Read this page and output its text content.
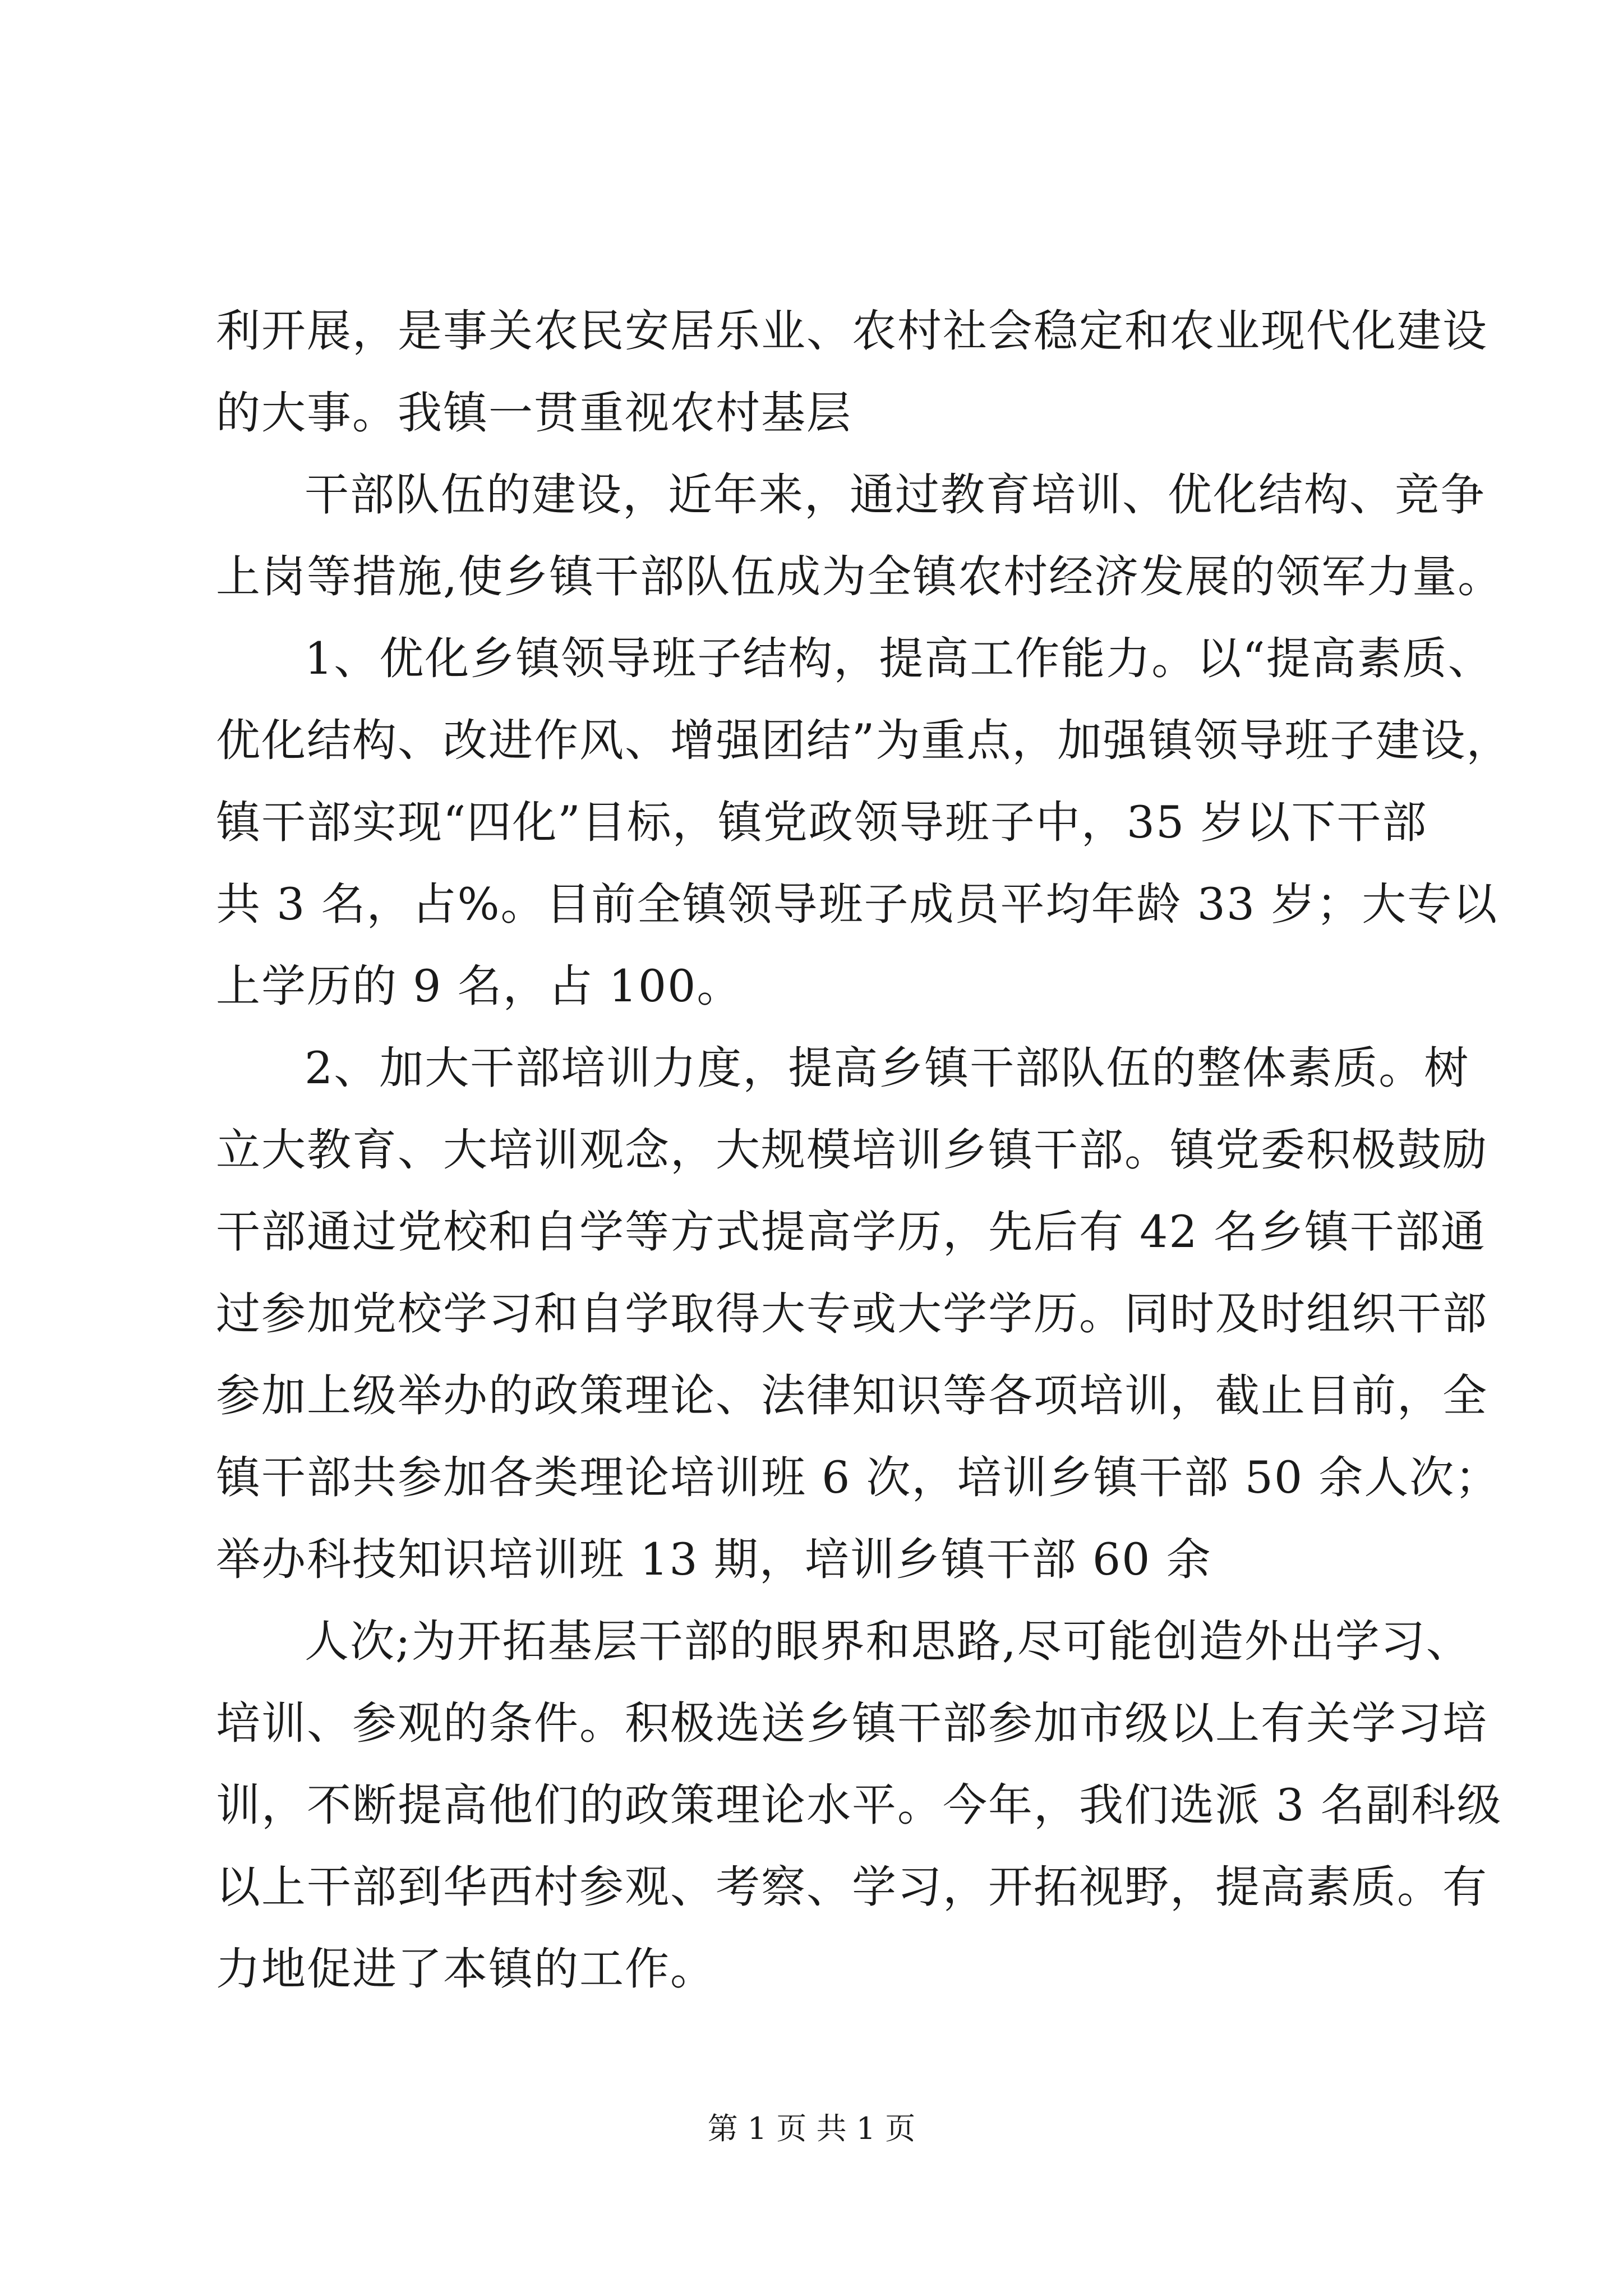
利开展，是事关农民安居乐业、农村社会稳定和农业现代化建设
的大事。我镇一贯重视农村基层
干部队伍的建设，近年来，通过教育培训、优化结构、竞争
上岗等措施,使乡镇干部队伍成为全镇农村经济发展的领军力量。
1、优化乡镇领导班子结构，提高工作能力。以“提高素质、
优化结构、改进作风、增强团结”为重点，加强镇领导班子建设，
镇干部实现“四化”目标，镇党政领导班子中，35 岁以下干部
共 3 名，占%。目前全镇领导班子成员平均年龄 33 岁；大专以
上学历的 9 名，占 100。
2、加大干部培训力度，提高乡镇干部队伍的整体素质。树
立大教育、大培训观念，大规模培训乡镇干部。镇党委积极鼓励
干部通过党校和自学等方式提高学历，先后有 42 名乡镇干部通
过参加党校学习和自学取得大专或大学学历。同时及时组织干部
参加上级举办的政策理论、法律知识等各项培训，截止目前，全
镇干部共参加各类理论培训班 6 次，培训乡镇干部 50 余人次；
举办科技知识培训班 13 期，培训乡镇干部 60 余
人次;为开拓基层干部的眼界和思路,尽可能创造外出学习、
培训、参观的条件。积极选送乡镇干部参加市级以上有关学习培
训，不断提高他们的政策理论水平。今年，我们选派 3 名副科级
以上干部到华西村参观、考察、学习，开拓视野，提高素质。有
力地促进了本镇的工作。
第 1 页 共 1 页
